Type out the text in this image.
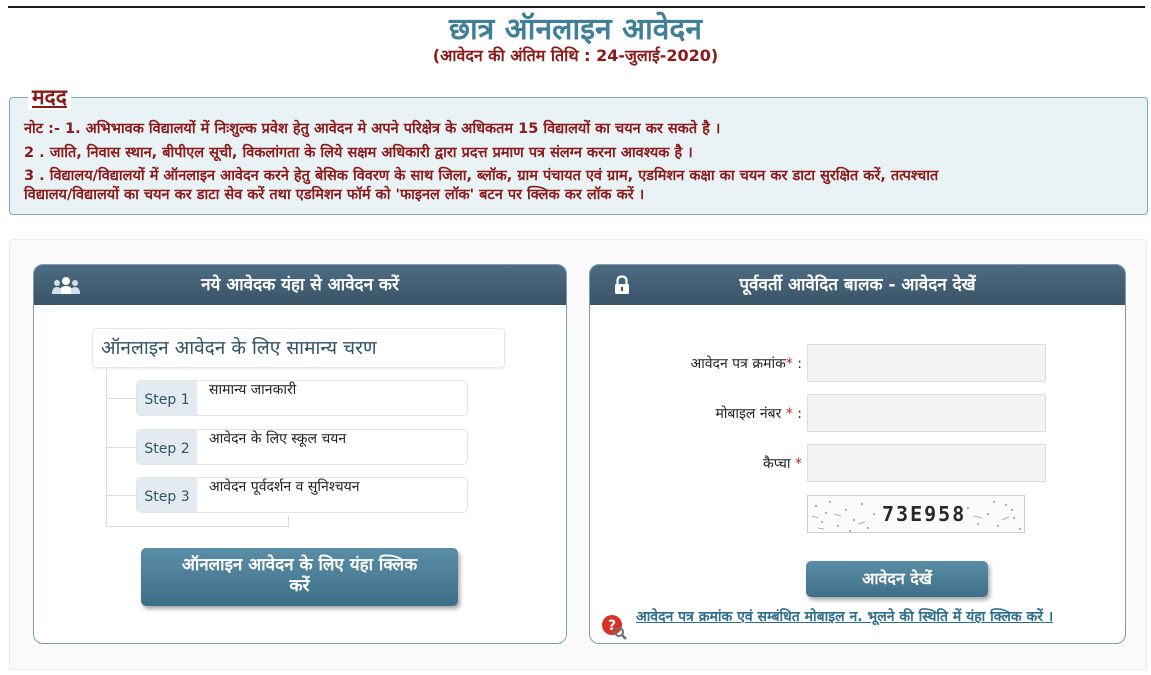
छात्र ऑनलाइन आवेदन
(आवेदन की अंतिम तिथि : 24-जुलाई-2020)
नोट :- 1. अभिभावक विद्यालयों में निःशुल्क प्रवेश हेतु आवेदन मे अपने परिक्षेत्र के अधिकतम 15 विद्यालयों का चयन कर सकते है ।
2 . जाति, निवास स्थान, बीपीएल सूची, विकलांगता के लिये सक्षम अधिकारी द्वारा प्रदत्त प्रमाण पत्र संलग्न करना आवश्यक है ।
3 . विद्यालय/विद्यालयों में ऑनलाइन आवेदन करने हेतु बेसिक विवरण के साथ जिला, ब्लॉक, ग्राम पंचायत एवं ग्राम, एडमिशन कक्षा का चयन कर डाटा सुरक्षित करें, तत्पश्चात
विद्यालय/विद्यालयों का चयन कर डाटा सेव करें तथा एडमिशन फॉर्म को 'फाइनल लॉक' बटन पर क्लिक कर लॉक करें ।
मदद
नये आवेदक यंहा से आवेदन करें
ऑनलाइन आवेदन के लिए सामान्य चरण
Step 1
सामान्य जानकारी
Step 2
आवेदन के लिए स्कूल चयन
Step 3
आवेदन पूर्वदर्शन व सुनिश्चयन
ऑनलाइन आवेदन के लिए यंहा क्लिक
करें
पूर्ववर्ती आवेदित बालक - आवेदन देखें
आवेदन पत्र क्रमांक* :
मोबाइल नंबर * :
कैप्चा *
73E958
आवेदन देखें
?
आवेदन पत्र क्रमांक एवं सम्बंधित मोबाइल न. भूलने की स्थिति में यंहा क्लिक करें ।
